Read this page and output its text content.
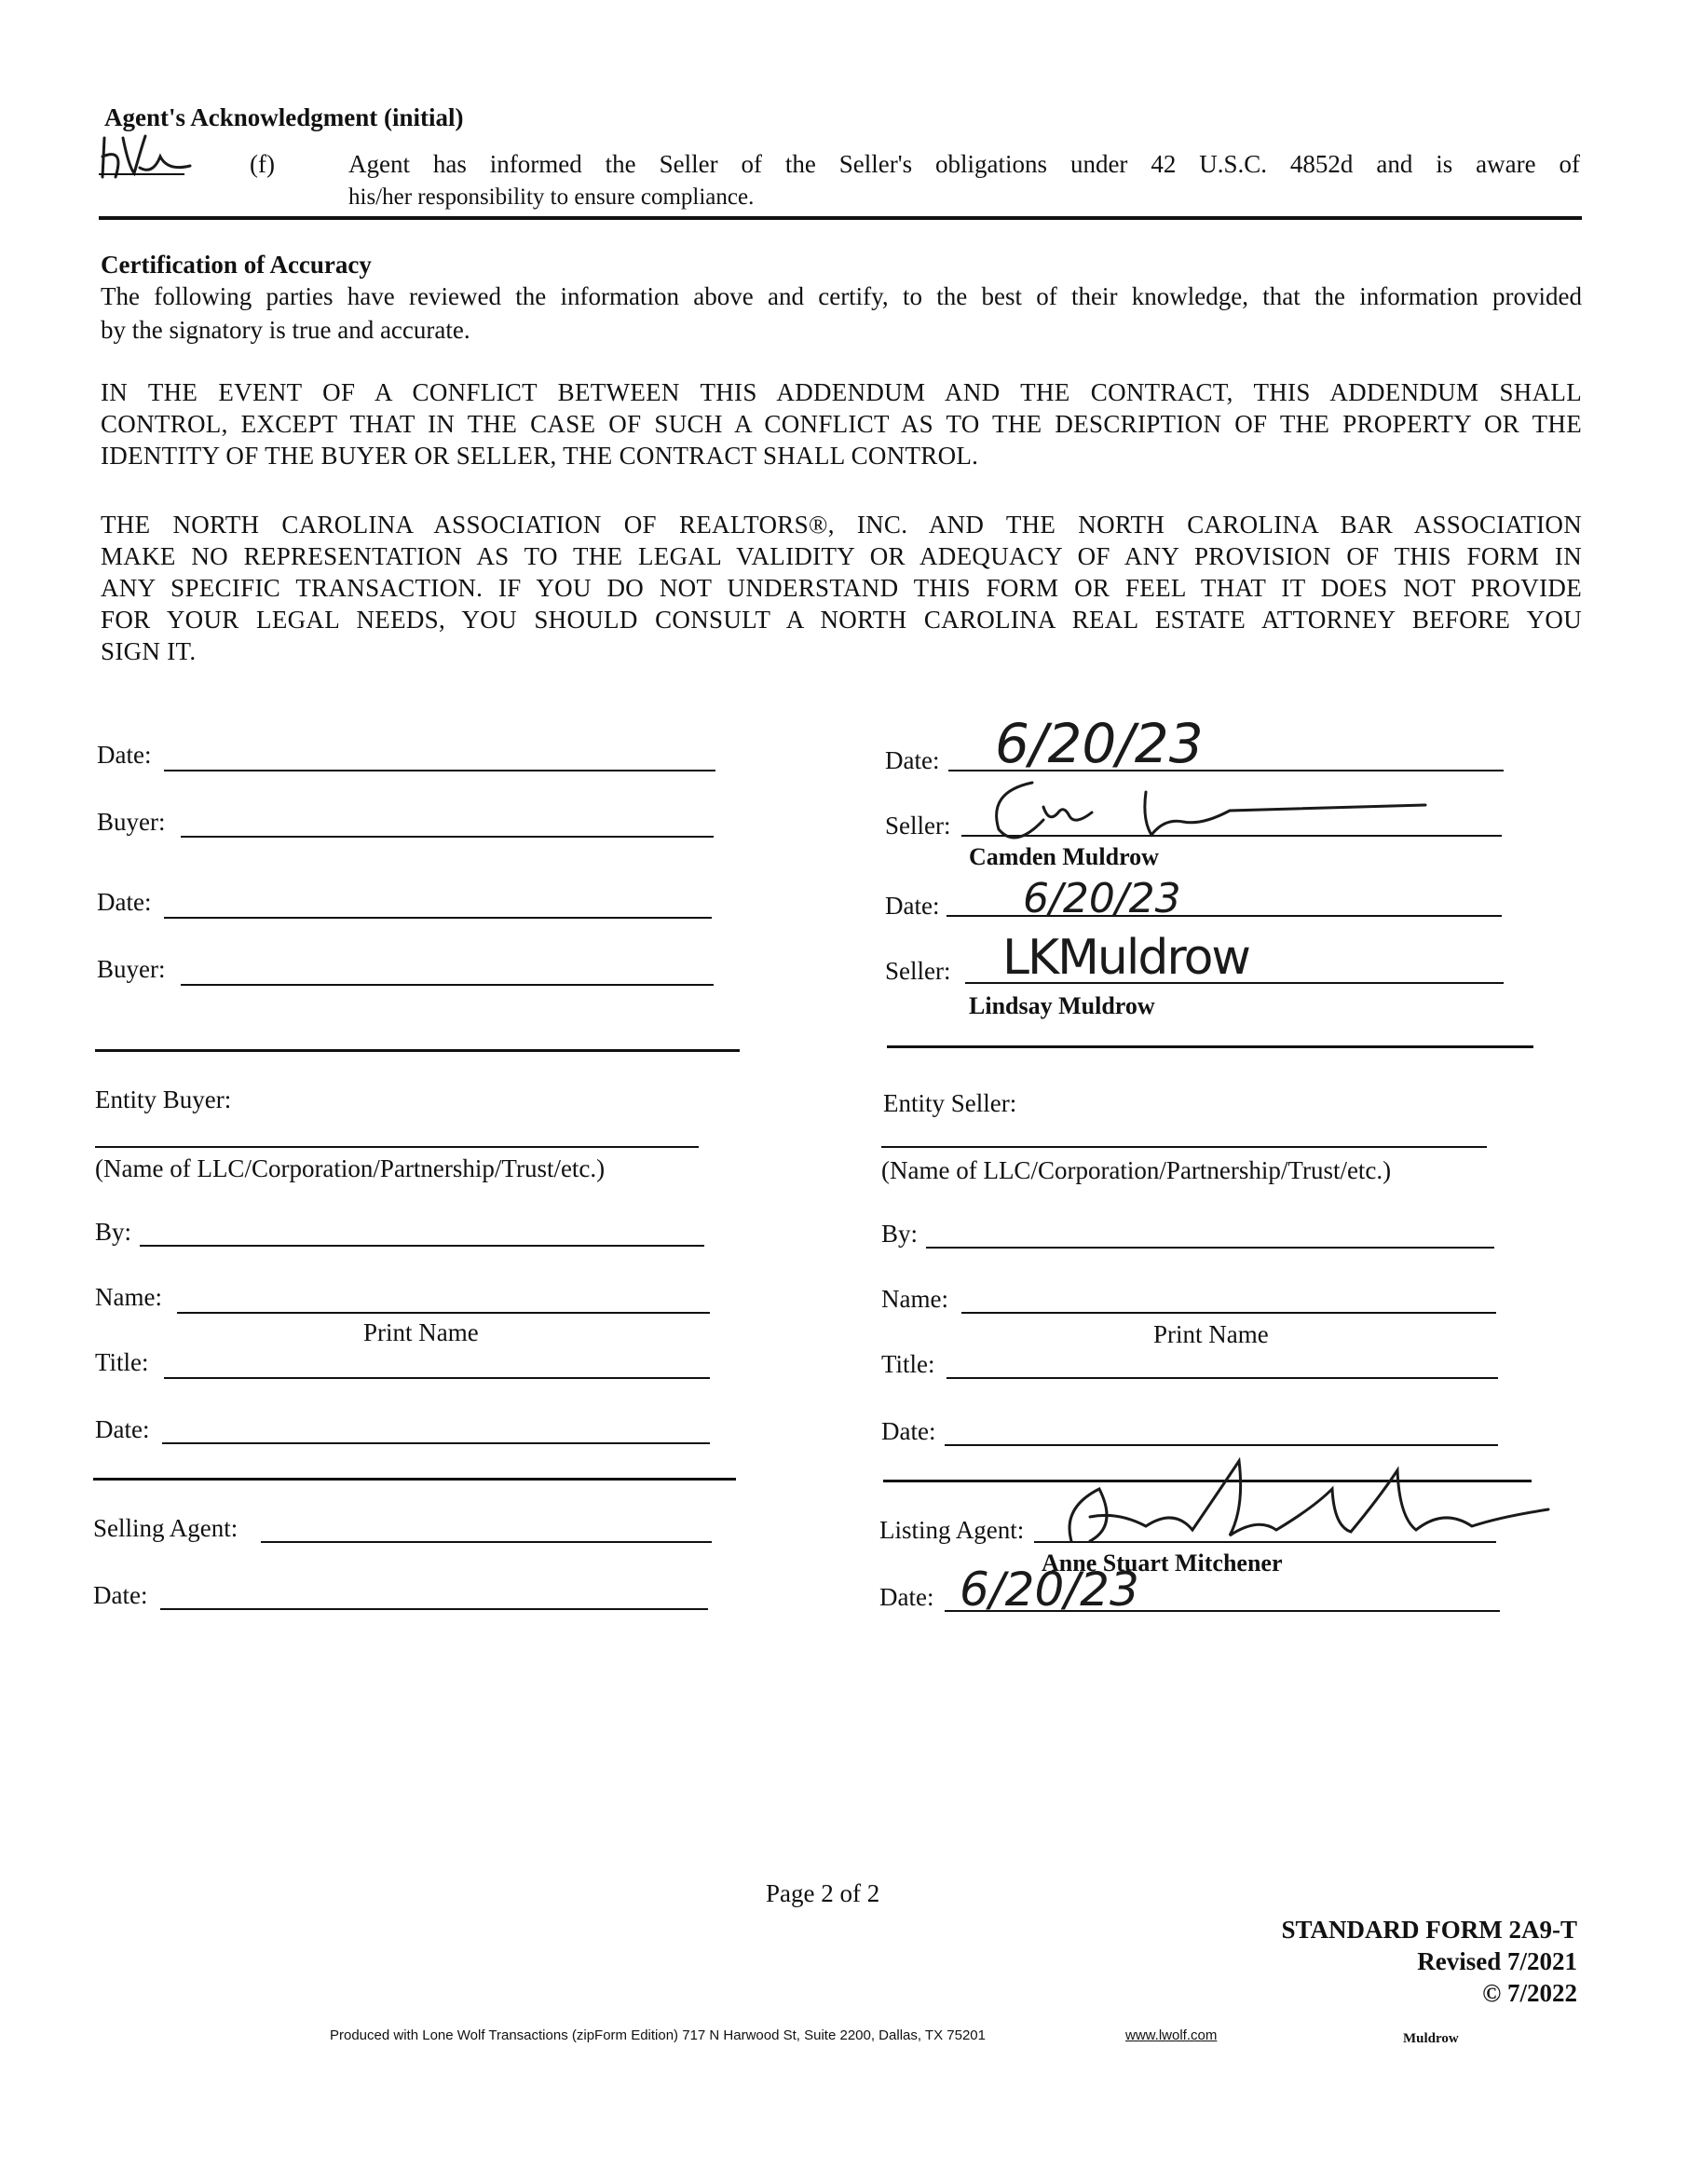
Agent's Acknowledgment (initial)
(f)	Agent has informed the Seller of the Seller's obligations under 42 U.S.C. 4852d and is aware of
his/her responsibility to ensure compliance.
Certification of Accuracy
The following parties have reviewed the information above and certify, to the best of their knowledge, that the information provided
by the signatory is true and accurate.
IN THE EVENT OF A CONFLICT BETWEEN THIS ADDENDUM AND THE CONTRACT, THIS ADDENDUM SHALL
CONTROL, EXCEPT THAT IN THE CASE OF SUCH A CONFLICT AS TO THE DESCRIPTION OF THE PROPERTY OR THE
IDENTITY OF THE BUYER OR SELLER, THE CONTRACT SHALL CONTROL.
THE NORTH CAROLINA ASSOCIATION OF REALTORS®, INC. AND THE NORTH CAROLINA BAR ASSOCIATION
MAKE NO REPRESENTATION AS TO THE LEGAL VALIDITY OR ADEQUACY OF ANY PROVISION OF THIS FORM IN
ANY SPECIFIC TRANSACTION. IF YOU DO NOT UNDERSTAND THIS FORM OR FEEL THAT IT DOES NOT PROVIDE
FOR YOUR LEGAL NEEDS, YOU SHOULD CONSULT A NORTH CAROLINA REAL ESTATE ATTORNEY BEFORE YOU
SIGN IT.
Date:
Buyer:
Date:
Buyer:
Entity Buyer:
(Name of LLC/Corporation/Partnership/Trust/etc.)
By:
Name:
Print Name
Title:
Date:
Selling Agent:
Date:
Date: 6/20/23
Seller:
Camden Muldrow
Date: 6/20/23
Seller: LKMuldrow
Lindsay Muldrow
Entity Seller:
(Name of LLC/Corporation/Partnership/Trust/etc.)
By:
Name:
Print Name
Title:
Date:
Listing Agent:
Anne Stuart Mitchener
Date: 6/20/23
Page 2 of 2
STANDARD FORM 2A9-T
Revised 7/2021
© 7/2022
Produced with Lone Wolf Transactions (zipForm Edition) 717 N Harwood St, Suite 2200, Dallas, TX 75201	www.lwolf.com	Muldrow
